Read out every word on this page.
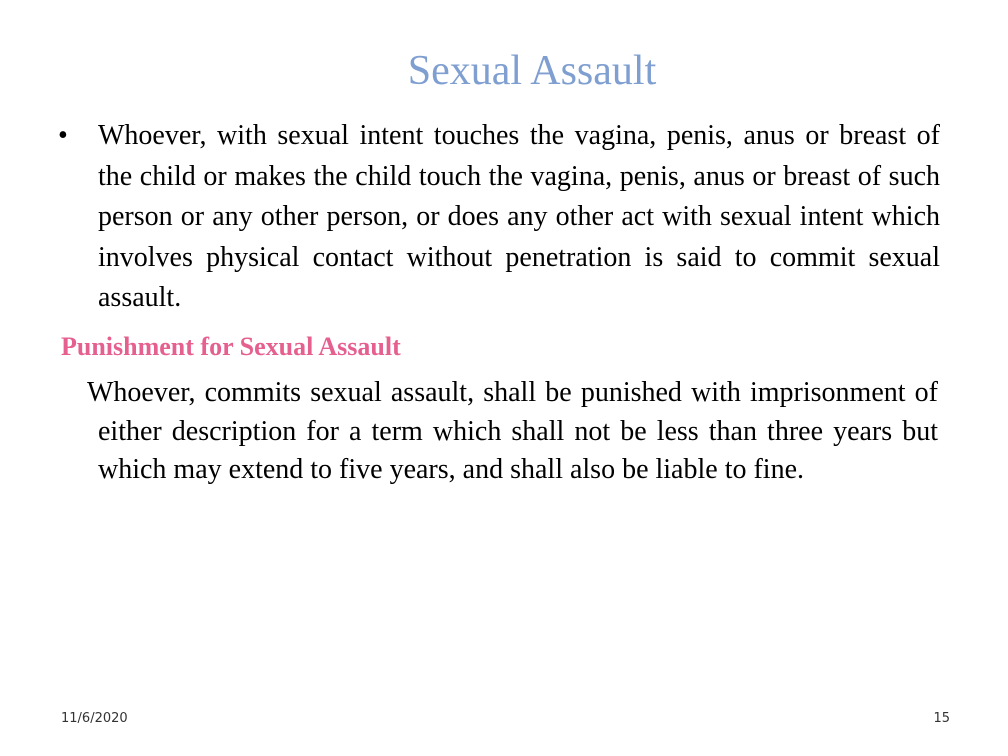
Sexual Assault
• Whoever, with sexual intent touches the vagina, penis, anus or breast of the child or makes the child touch the vagina, penis, anus or breast of such person or any other person, or does any other act with sexual intent which involves physical contact without penetration is said to commit sexual assault.
Punishment for Sexual Assault
Whoever, commits sexual assault, shall be punished with imprisonment of either description for a term which shall not be less than three years but which may extend to five years, and shall also be liable to fine.
11/6/2020	15
